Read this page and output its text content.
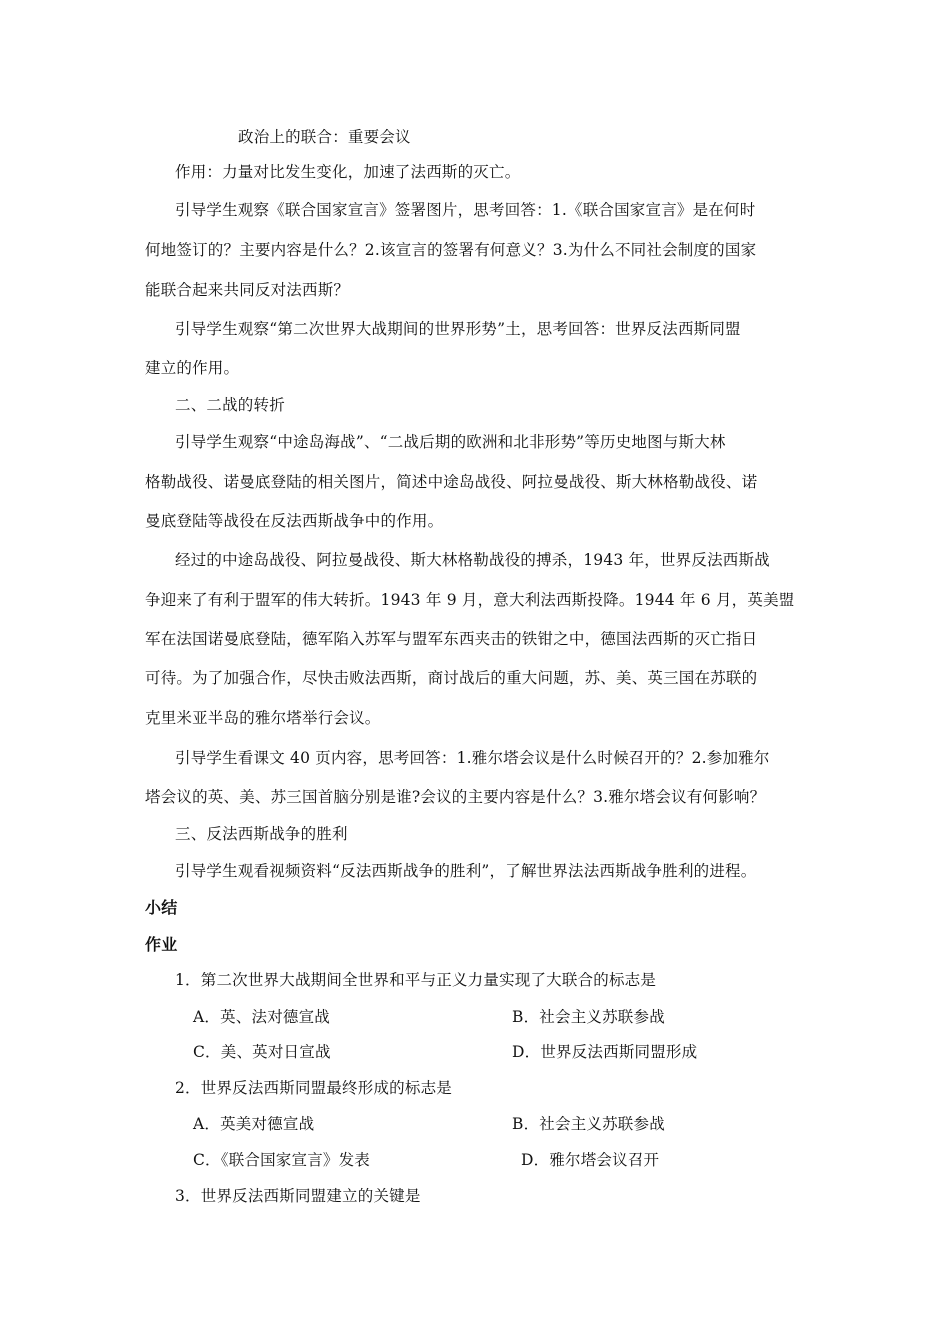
政治上的联合：重要会议
作用：力量对比发生变化，加速了法西斯的灭亡。
引导学生观察《联合国家宣言》签署图片，思考回答：1.《联合国家宣言》是在何时
何地签订的？主要内容是什么？2.该宣言的签署有何意义？3.为什么不同社会制度的国家
能联合起来共同反对法西斯？
引导学生观察“第二次世界大战期间的世界形势”土，思考回答：世界反法西斯同盟
建立的作用。
二、二战的转折
引导学生观察“中途岛海战”、“二战后期的欧洲和北非形势”等历史地图与斯大林
格勒战役、诺曼底登陆的相关图片，简述中途岛战役、阿拉曼战役、斯大林格勒战役、诺
曼底登陆等战役在反法西斯战争中的作用。
经过的中途岛战役、阿拉曼战役、斯大林格勒战役的搏杀，1943 年，世界反法西斯战
争迎来了有利于盟军的伟大转折。1943 年 9 月，意大利法西斯投降。1944 年 6 月，英美盟
军在法国诺曼底登陆，德军陷入苏军与盟军东西夹击的铁钳之中，德国法西斯的灭亡指日
可待。为了加强合作，尽快击败法西斯，商讨战后的重大问题，苏、美、英三国在苏联的
克里米亚半岛的雅尔塔举行会议。
引导学生看课文 40 页内容，思考回答：1.雅尔塔会议是什么时候召开的？2.参加雅尔
塔会议的英、美、苏三国首脑分别是谁?会议的主要内容是什么？3.雅尔塔会议有何影响？
三、反法西斯战争的胜利
引导学生观看视频资料“反法西斯战争的胜利”，了解世界法法西斯战争胜利的进程。
小结
作业
1．第二次世界大战期间全世界和平与正义力量实现了大联合的标志是
A．英、法对德宣战	B．社会主义苏联参战
C．美、英对日宣战	D．世界反法西斯同盟形成
2．世界反法西斯同盟最终形成的标志是
A．英美对德宣战	B．社会主义苏联参战
C．《联合国家宣言》发表	D．雅尔塔会议召开
3．世界反法西斯同盟建立的关键是
